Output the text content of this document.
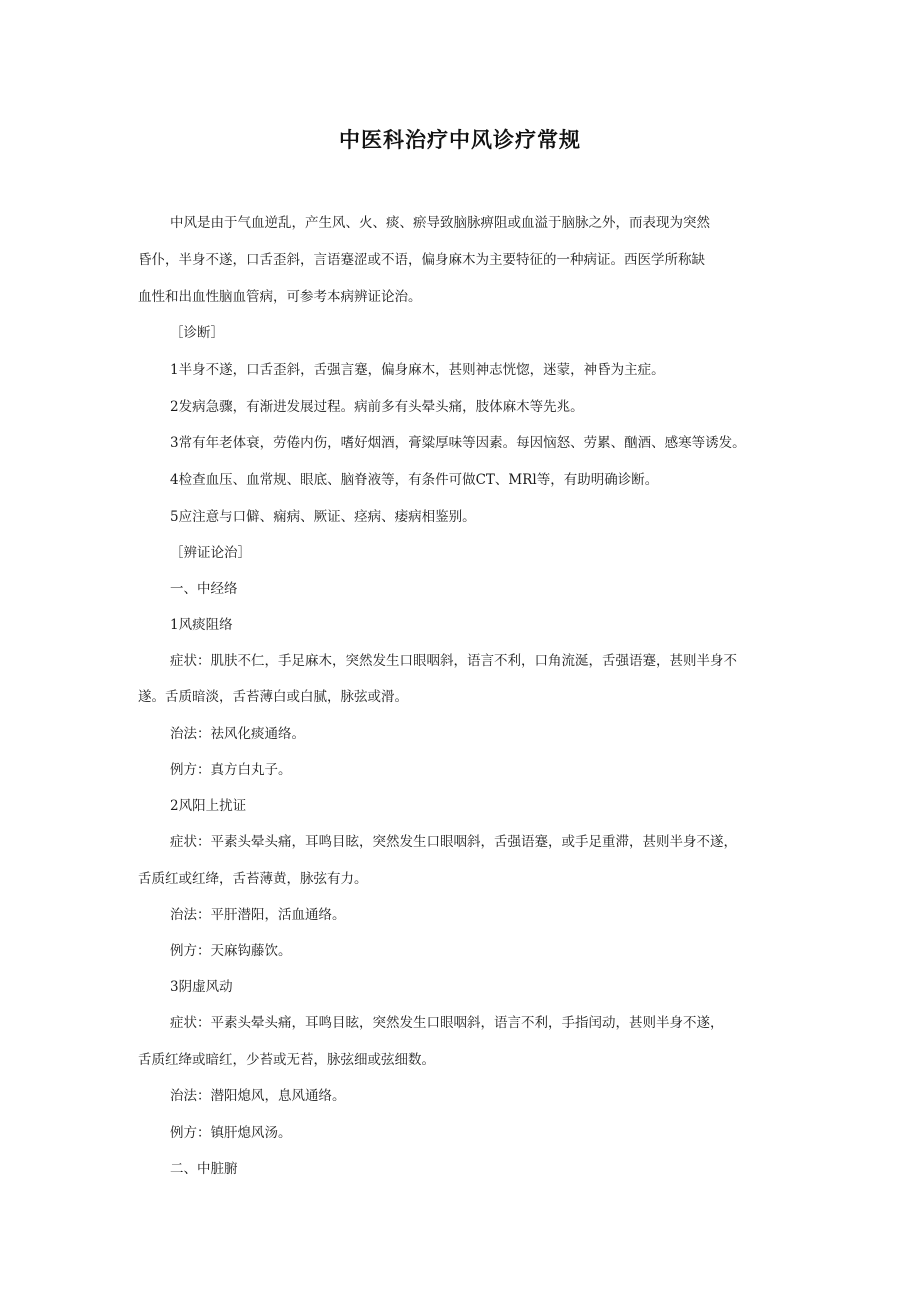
中医科治疗中风诊疗常规
中风是由于气血逆乱，产生风、火、痰、瘀导致脑脉痹阻或血溢于脑脉之外，而表现为突然
昏仆，半身不遂，口舌歪斜，言语蹇涩或不语，偏身麻木为主要特征的一种病证。西医学所称缺
血性和出血性脑血管病，可参考本病辨证论治。
［诊断］
1半身不遂，口舌歪斜，舌强言蹇，偏身麻木，甚则神志恍惚，迷蒙，神昏为主症。
2发病急骤，有渐进发展过程。病前多有头晕头痛，肢体麻木等先兆。
3常有年老体衰，劳倦内伤，嗜好烟酒，膏粱厚味等因素。每因恼怒、劳累、酗酒、感寒等诱发。
4检查血压、血常规、眼底、脑脊液等，有条件可做CT、MRl等，有助明确诊断。
5应注意与口僻、痫病、厥证、痉病、痿病相鉴别。
［辨证论治］
一、中经络
1风痰阻络
症状：肌肤不仁，手足麻木，突然发生口眼咽斜，语言不利，口角流涎，舌强语蹇，甚则半身不
遂。舌质暗淡，舌苔薄白或白腻，脉弦或滑。
治法：祛风化痰通络。
例方：真方白丸子。
2风阳上扰证
症状：平素头晕头痛，耳鸣目眩，突然发生口眼咽斜，舌强语蹇，或手足重滞，甚则半身不遂，
舌质红或红绛，舌苔薄黄，脉弦有力。
治法：平肝潜阳，活血通络。
例方：天麻钩藤饮。
3阴虚风动
症状：平素头晕头痛，耳鸣目眩，突然发生口眼咽斜，语言不利，手指闰动，甚则半身不遂，
舌质红绛或暗红，少苔或无苔，脉弦细或弦细数。
治法：潜阳熄风，息风通络。
例方：镇肝熄风汤。
二、中脏腑
